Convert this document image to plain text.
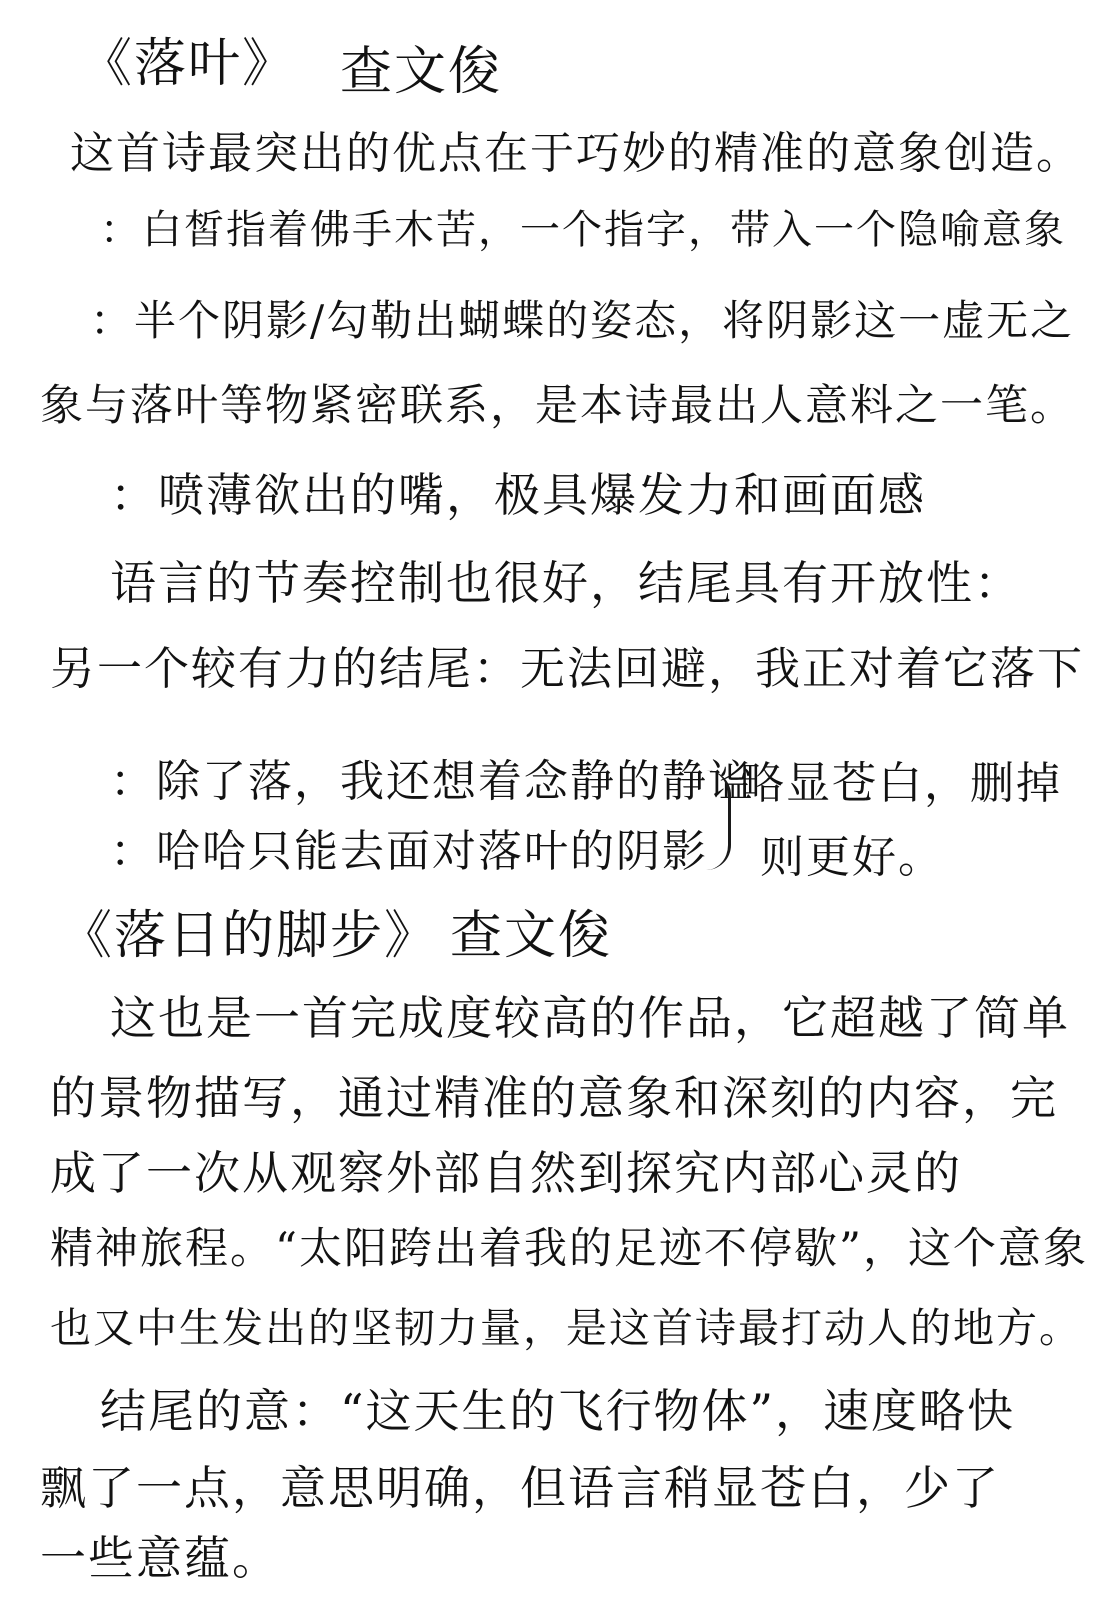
《落叶》 查文俊
这首诗最突出的优点在于巧妙的精准的意象创造。
：白皙指着佛手木苦，一个指字，带入一个隐喻意象
：半个阴影/勾勒出蝴蝶的姿态，将阴影这一虚无之
象与落叶等物紧密联系，是本诗最出人意料之一笔。
：喷薄欲出的嘴，极具爆发力和画面感
语言的节奏控制也很好，结尾具有开放性：
另一个较有力的结尾：无法回避，我正对着它落下
：除了落，我还想着念静的静谧
：哈哈只能去面对落叶的阴影
略显苍白，删掉
则更好。
《落日的脚步》 查文俊
这也是一首完成度较高的作品，它超越了简单
的景物描写，通过精准的意象和深刻的内容，完
成了一次从观察外部自然到探究内部心灵的
精神旅程。“太阳跨出着我的足迹不停歇”，这个意象
也又中生发出的坚韧力量，是这首诗最打动人的地方。
结尾的意：“这天生的飞行物体”，速度略快
飘了一点，意思明确，但语言稍显苍白，少了
一些意蕴。
